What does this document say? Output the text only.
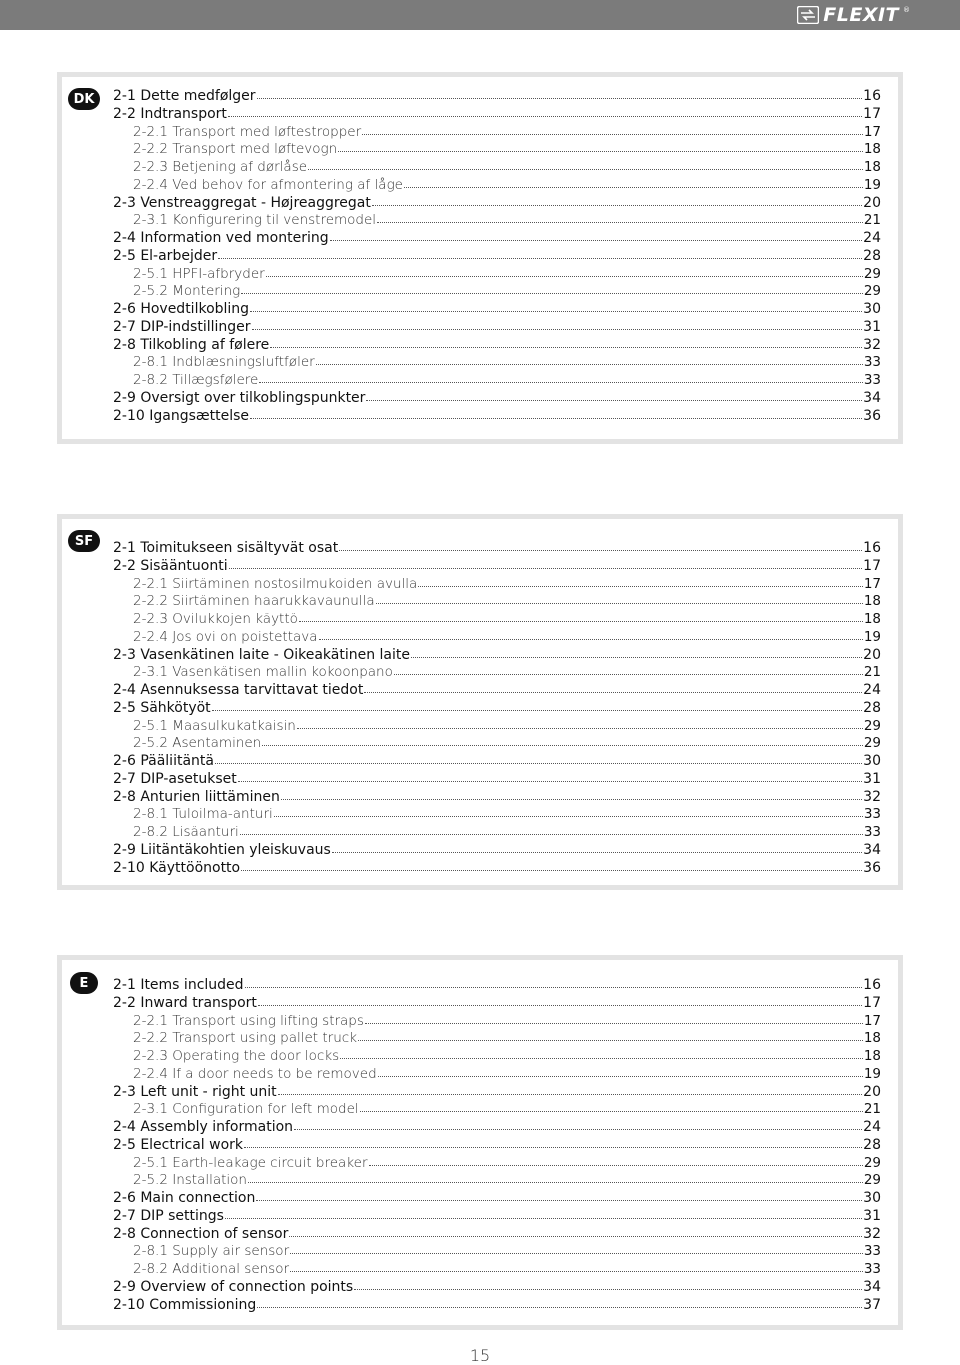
FLEXIT ®
DK	2-1 Dette medfølger	16
2-2 Indtransport	17
2-2.1 Transport med løftestropper	17
2-2.2 Transport med løftevogn	18
2-2.3 Betjening af dørlåse	18
2-2.4 Ved behov for afmontering af låge	19
2-3 Venstreaggregat - Højreaggregat	20
2-3.1 Konfigurering til venstremodel	21
2-4 Information ved montering	24
2-5 El-arbejder	28
2-5.1 HPFI-afbryder	29
2-5.2 Montering	29
2-6 Hovedtilkobling	30
2-7 DIP-indstillinger	31
2-8 Tilkobling af følere	32
2-8.1 Indblæsningsluftføler	33
2-8.2 Tillægsfølere	33
2-9 Oversigt over tilkoblingspunkter	34
2-10 Igangsættelse	36
SF	2-1 Toimitukseen sisältyvät osat	16
2-2 Sisääntuonti	17
2-2.1 Siirtäminen nostosilmukoiden avulla	17
2-2.2 Siirtäminen haarukkavaunulla	18
2-2.3 Ovilukkojen käyttö	18
2-2.4 Jos ovi on poistettava	19
2-3 Vasenkätinen laite - Oikeakätinen laite	20
2-3.1 Vasenkätisen mallin kokoonpano	21
2-4 Asennuksessa tarvittavat tiedot	24
2-5 Sähkötyöt	28
2-5.1 Maasulkukatkaisin	29
2-5.2 Asentaminen	29
2-6 Pääliitäntä	30
2-7 DIP-asetukset	31
2-8 Anturien liittäminen	32
2-8.1 Tuloilma-anturi	33
2-8.2 Lisäanturi	33
2-9 Liitäntäkohtien yleiskuvaus	34
2-10 Käyttöönotto	36
E	2-1 Items included	16
2-2 Inward transport	17
2-2.1 Transport using lifting straps	17
2-2.2 Transport using pallet truck	18
2-2.3 Operating the door locks	18
2-2.4 If a door needs to be removed	19
2-3 Left unit - right unit	20
2-3.1 Configuration for left model	21
2-4 Assembly information	24
2-5 Electrical work	28
2-5.1 Earth-leakage circuit breaker	29
2-5.2 Installation	29
2-6 Main connection	30
2-7 DIP settings	31
2-8 Connection of sensor	32
2-8.1 Supply air sensor	33
2-8.2 Additional sensor	33
2-9 Overview of connection points	34
2-10 Commissioning	37
15
